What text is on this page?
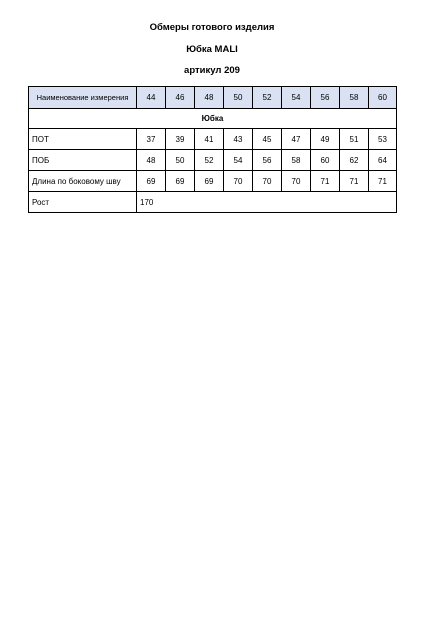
Обмеры готового изделия
Юбка MALI
артикул 209
Наименование измерения	44	46	48	50	52	54	56	58	60
Юбка									
ПОТ	37	39	41	43	45	47	49	51	53
ПОБ	48	50	52	54	56	58	60	62	64
Длина по боковому шву	69	69	69	70	70	70	71	71	71
Рост	170								
